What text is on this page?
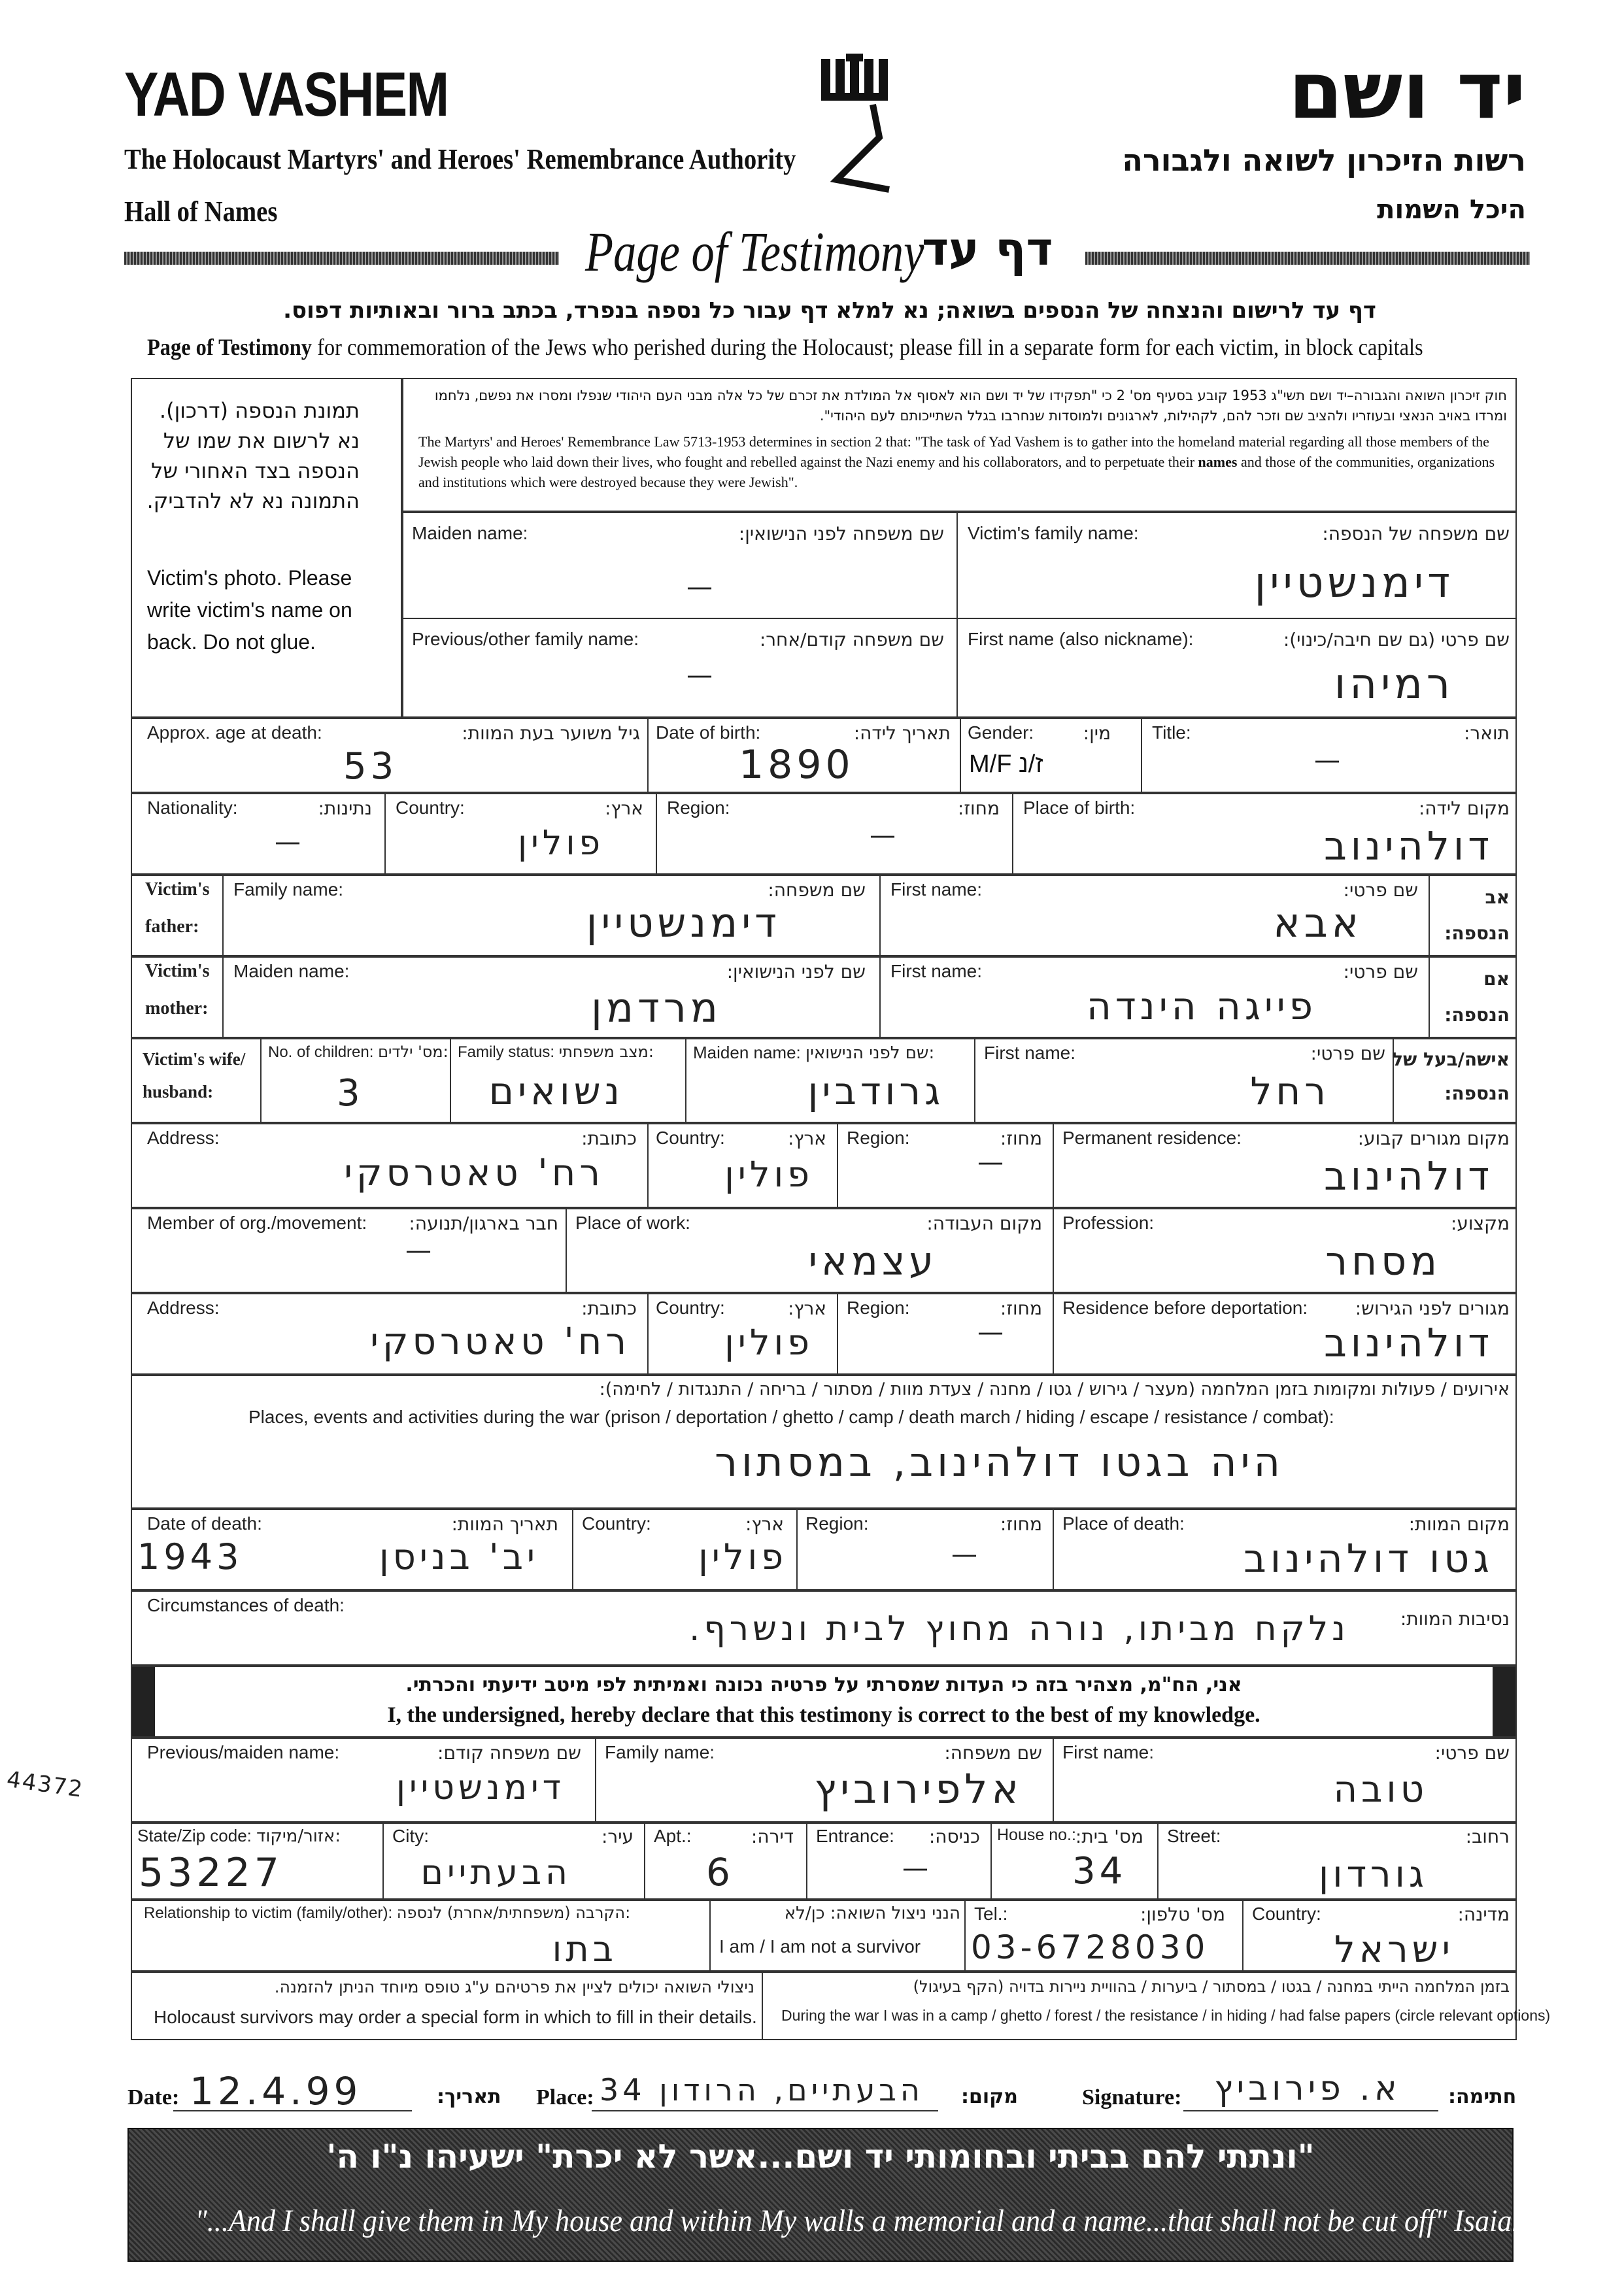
YAD VASHEM
The Holocaust Martyrs' and Heroes' Remembrance Authority
Hall of Names
יד ושם
רשות הזיכרון לשואה ולגבורה
היכל השמות
Page of Testimony
דף עד
דף עד לרישום והנצחה של הנספים בשואה; נא למלא דף עבור כל נספה בנפרד, בכתב ברור ובאותיות דפוס.
Page of Testimony for commemoration of the Jews who perished during the Holocaust; please fill in a separate form for each victim, in block capitals
תמונת הנספה (דרכון). נא לרשום את שמו של הנספה בצד האחורי של התמונה נא לא להדביק.
Victim's photo. Please write victim's name on back. Do not glue.
חוק זיכרון השואה והגבורה–יד ושם תשי"ג 1953 קובע בסעיף מס' 2 כי "תפקידו של יד ושם הוא לאסוף אל המולדת את זכרם של כל אלה מבני העם היהודי שנפלו ומסרו את נפשם, נלחמו ומרדו באויב הנאצי ובעוזריו ולהציב שם וזכר להם, לקהילות, לארגונים ולמוסדות שנחרבו בגלל השתייכותם לעם היהודי".
The Martyrs' and Heroes' Remembrance Law 5713-1953 determines in section 2 that: "The task of Yad Vashem is to gather into the homeland material regarding all those members of the Jewish people who laid down their lives, who fought and rebelled against the Nazi enemy and his collaborators, and to perpetuate their names and those of the communities, organizations and institutions which were destroyed because they were Jewish".
Maiden name:	שם משפחה לפני הנישואין:
—
Victim's family name:	שם משפחה של הנספה:
דימנשטיין
Previous/other family name:	שם משפחה קודם/אחר:
—
First name (also nickname):	שם פרטי (גם שם חיבה/כינוי):
רמיהו
Approx. age at death:	גיל משוער בעת המוות:
53
Date of birth:	תאריך לידה:
1890
Gender:	מין:
M/F ז/נ
Title:	תואר:
—
Nationality:	נתינות:
—
Country:	ארץ:
פולין
Region:	מחוז:
—
Place of birth:	מקום לידה:
דולהינוב
Victim's
father:
Family name:	שם משפחה:
דימנשטיין
First name:	שם פרטי:
אבא
אב הנספה:
Victim's
mother:
Maiden name:	שם לפני הנישואין:
מרדמן
First name:	שם פרטי:
פייגה הינדה
אם הנספה:
Victim's wife/ husband:
No. of children: מס' ילדים:
3
Family status: מצב משפחתי:
נשואים
Maiden name: שם לפני הנישואין:
גרודבין
First name:	שם פרטי:
רחל
אישה/בעל של הנספה:
Address:	כתובת:
רח' טאטרסקי
Country:	ארץ:
פולין
Region:	מחוז:
—
Permanent residence:	מקום מגורים קבוע:
דולהינוב
Member of org./movement: חבר בארגון/תנועה:
—
Place of work:	מקום העבודה:
עצמאי
Profession:	מקצוע:
מסחר
Address:	כתובת:
רח' טאטרסקי
Country:	ארץ:
פולין
Region:	מחוז:
—
Residence before deportation:	מגורים לפני הגירוש:
דולהינוב
אירועים / פעולות ומקומות בזמן המלחמה (מעצר / גירוש / גטו / מחנה / צעדת מוות / מסתור / בריחה / התנגדות / לחימה):
Places, events and activities during the war (prison / deportation / ghetto / camp / death march / hiding / escape / resistance / combat):
היה בגטו דולהינוב, במסתור
Date of death:	תאריך המוות:
1943	יב' בניסן
Country:	ארץ:
פולין
Region:	מחוז:
—
Place of death:	מקום המוות:
גטו דולהינוב
Circumstances of death:
נסיבות המוות:
נלקח מביתו, נורה מחוץ לבית ונשרף.
אני, הח"מ, מצהיר בזה כי העדות שמסרתי על פרטיה נכונה ואמיתית לפי מיטב ידיעתי והכרתי.
I, the undersigned, hereby declare that this testimony is correct to the best of my knowledge.
Previous/maiden name:	שם משפחה קודם:
דימנשטיין
Family name:	שם משפחה:
אלפירוביץ
First name:	שם פרטי:
טובה
State/Zip code: אזור/מיקוד:
53227
City:	עיר:
הבעתיים
Apt.:	דירה:
6
Entrance: כניסה:
—
House no.: מס' בית:
34
Street:	רחוב:
גורדון
Relationship to victim (family/other): הקרבה (משפחתית/אחרת) לנספה:
בתו
הנני ניצול השואה: כן/לא
I am / I am not a survivor
Tel.:	מס' טלפון:
03-6728030
Country:	מדינה:
ישראל
ניצולי השואה יכולים לציין את פרטיהם ע"ג טופס מיוחד הניתן להזמנה.
Holocaust survivors may order a special form in which to fill in their details.
בזמן המלחמה הייתי במחנה / בגטו / במסתור / ביערות / בהוויית ניירות בדויה (הקף בעיגול)
During the war I was in a camp / ghetto / forest / the resistance / in hiding / had false papers (circle relevant options)
Date: 12.4.99	תאריך: Place: הבעתיים, הרודון 34	מקום:	Signature: א. פירוביץ	חתימה:
"ונתתי להם בביתי ובחומותי יד ושם...אשר לא יכרת" ישעיהו נ"ו ה'
"...And I shall give them in My house and within My walls a memorial and a name...that shall not be cut off" Isaiah, 56:5
44372
